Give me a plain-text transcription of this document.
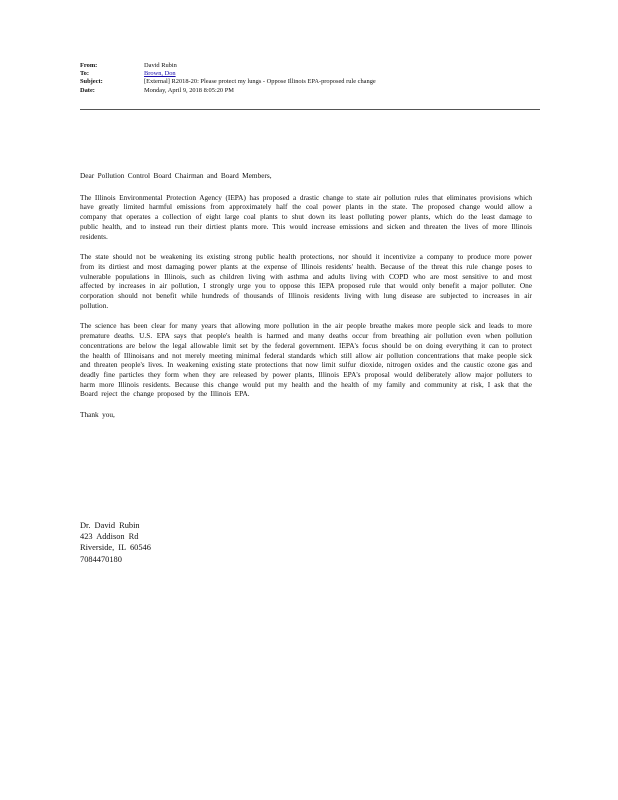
From:	David Rubin
To:	Brown, Don
Subject:	[External] R2018-20: Please protect my lungs - Oppose Illinois EPA-proposed rule change
Date:	Monday, April 9, 2018 8:05:20 PM

Dear Pollution Control Board Chairman and Board Members,

The Illinois Environmental Protection Agency (IEPA) has proposed a drastic change to state air pollution rules that eliminates provisions which have greatly limited harmful emissions from approximately half the coal power plants in the state. The proposed change would allow a company that operates a collection of eight large coal plants to shut down its least polluting power plants, which do the least damage to public health, and to instead run their dirtiest plants more. This would increase emissions and sicken and threaten the lives of more Illinois residents.

The state should not be weakening its existing strong public health protections, nor should it incentivize a company to produce more power from its dirtiest and most damaging power plants at the expense of Illinois residents' health. Because of the threat this rule change poses to vulnerable populations in Illinois, such as children living with asthma and adults living with COPD who are most sensitive to and most affected by increases in air pollution, I strongly urge you to oppose this IEPA proposed rule that would only benefit a major polluter. One corporation should not benefit while hundreds of thousands of Illinois residents living with lung disease are subjected to increases in air pollution.

The science has been clear for many years that allowing more pollution in the air people breathe makes more people sick and leads to more premature deaths. U.S. EPA says that people's health is harmed and many deaths occur from breathing air pollution even when pollution concentrations are below the legal allowable limit set by the federal government. IEPA's focus should be on doing everything it can to protect the health of Illinoisans and not merely meeting minimal federal standards which still allow air pollution concentrations that make people sick and threaten people's lives. In weakening existing state protections that now limit sulfur dioxide, nitrogen oxides and the caustic ozone gas and deadly fine particles they form when they are released by power plants, Illinois EPA's proposal would deliberately allow major polluters to harm more Illinois residents. Because this change would put my health and the health of my family and community at risk, I ask that the Board reject the change proposed by the Illinois EPA.

Thank you,

Dr. David Rubin
423 Addison Rd
Riverside, IL 60546
7084470180
